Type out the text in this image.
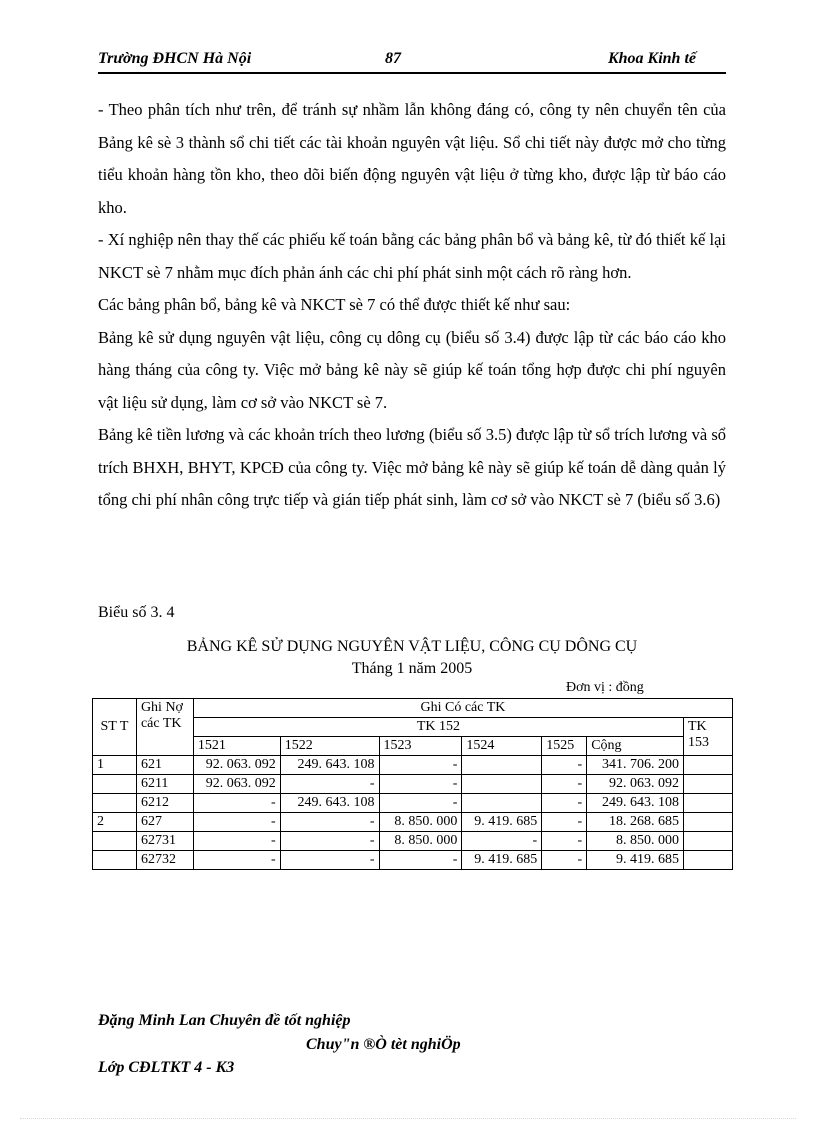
Trường ĐHCN Hà Nội	87	Khoa Kinh tế

- Theo phân tích như trên, để tránh sự nhầm lẫn không đáng có, công ty nên chuyển tên của Bảng kê sè 3 thành sổ chi tiết các tài khoản nguyên vật liệu. Sổ chi tiết này được mở cho từng tiểu khoản hàng tồn kho, theo dõi biến động nguyên vật liệu ở từng kho, được lập từ báo cáo kho.

- Xí nghiệp nên thay thế các phiếu kế toán bằng các bảng phân bổ và bảng kê, từ đó thiết kế lại NKCT sè 7 nhằm mục đích phản ánh các chi phí phát sinh một cách rõ ràng hơn.

Các bảng phân bổ, bảng kê và NKCT sè 7 có thể được thiết kế như sau:

Bảng kê sử dụng nguyên vật liệu, công cụ dông cụ (biểu số 3.4) được lập từ các báo cáo kho hàng tháng của công ty. Việc mở bảng kê này sẽ giúp kế toán tổng hợp được chi phí nguyên vật liệu sử dụng, làm cơ sở vào NKCT sè 7.

Bảng kê tiền lương và các khoản trích theo lương (biểu số 3.5) được lập từ sổ trích lương và sổ trích BHXH, BHYT, KPCĐ của công ty. Việc mở bảng kê này sẽ giúp kế toán dễ dàng quản lý tổng chi phí nhân công trực tiếp và gián tiếp phát sinh, làm cơ sở vào NKCT sè 7 (biểu số 3.6)

Biểu số 3. 4
BẢNG KÊ SỬ DỤNG NGUYÊN VẬT LIỆU, CÔNG CỤ DÔNG CỤ
Tháng 1 năm 2005
Đơn vị : đồng
ST T	Ghi Nợ các TK	Ghi Có các TK						
		TK 152						TK 153
		1521	1522	1523	1524	1525	Cộng	
1	621	92. 063. 092	249. 643. 108	-		-	341. 706. 200	
	6211	92. 063. 092	-	-		-	92. 063. 092	
	6212	-	249. 643. 108	-		-	249. 643. 108	
2	627	-	-	8. 850. 000	9. 419. 685	-	18. 268. 685	
	62731	-	-	8. 850. 000	-	-	8. 850. 000	
	62732	-	-	-	9. 419. 685	-	9. 419. 685	
Đặng Minh Lan Chuyên đề tốt nghiệp
Chuy"n ®Ò tèt nghiÖp
Lớp CĐLTKT 4 - K3
